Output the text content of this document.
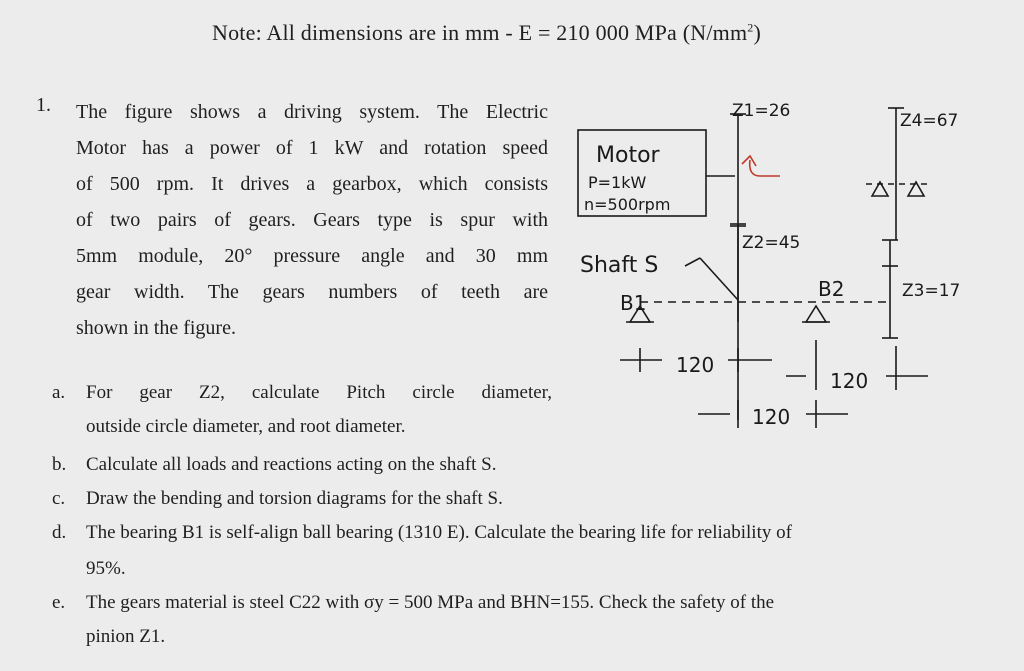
Note: All dimensions are in mm - E = 210 000 MPa $(N/mm^2)$
1. The figure shows a driving system. The Electric
Motor has a power of 1 kW and rotation speed
of 500 rpm. It drives a gearbox, which consists
of two pairs of gears. Gears type is spur with
5mm module, 20° pressure angle and 30 mm
gear width. The gears numbers of teeth are
shown in the figure.
a. For gear Z2, calculate Pitch circle diameter,
outside circle diameter, and root diameter.
b. Calculate all loads and reactions acting on the shaft S.
c. Draw the bending and torsion diagrams for the shaft S.
d. The bearing B1 is self-align ball bearing (1310 E). Calculate the bearing life for reliability of
95%.
e. The gears material is steel C22 with σy = 500 MPa and BHN=155. Check the safety of the
pinion Z1.
Motor
P=1kW
n=500rpm
Z1=26	Z4=67
Z2=45
Shaft S
B1
B2	Z3=17
120
120
120
